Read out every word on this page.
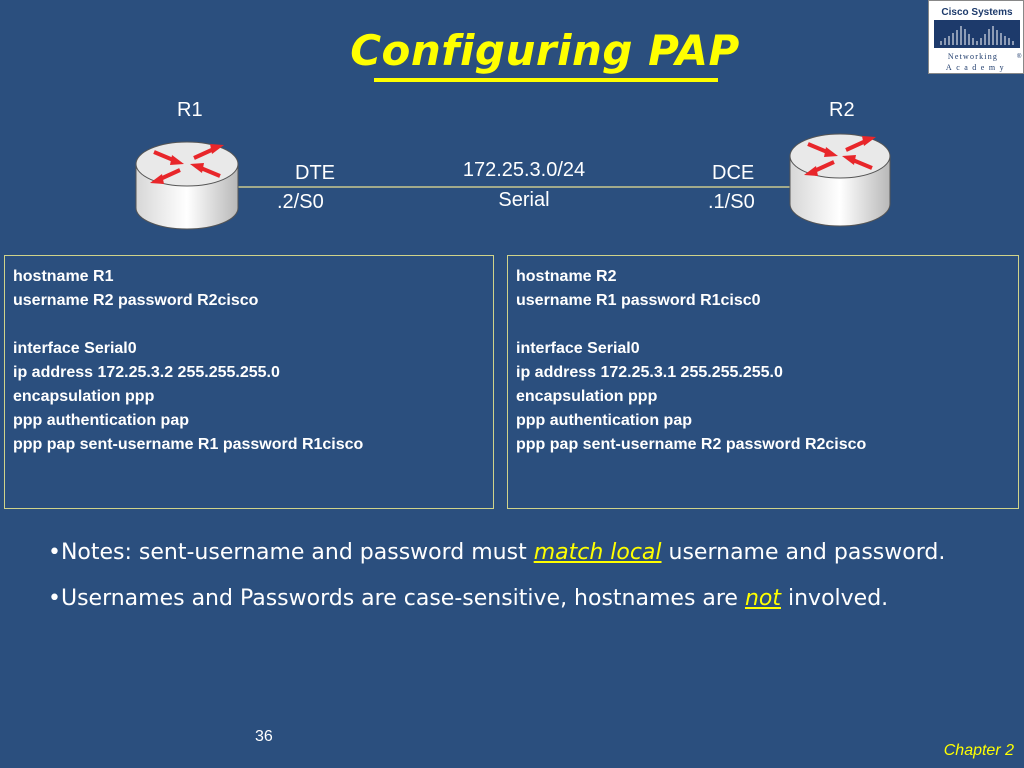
Configuring PAP
Cisco Systems
Networking	®
Academy
R1	R2
DTE
.2/S0
172.25.3.0/24
Serial
DCE
.1/S0
hostname R1
username R2 password R2cisco
interface Serial0
ip address 172.25.3.2 255.255.255.0
encapsulation ppp
ppp authentication pap
ppp pap sent-username R1 password R1cisco
hostname R2
username R1 password R1cisc0
interface Serial0
ip address 172.25.3.1 255.255.255.0
encapsulation ppp
ppp authentication pap
ppp pap sent-username R2 password R2cisco
•Notes: sent-username and password must match local username and password.
•Usernames and Passwords are case-sensitive, hostnames are not involved.
36
Chapter 2
